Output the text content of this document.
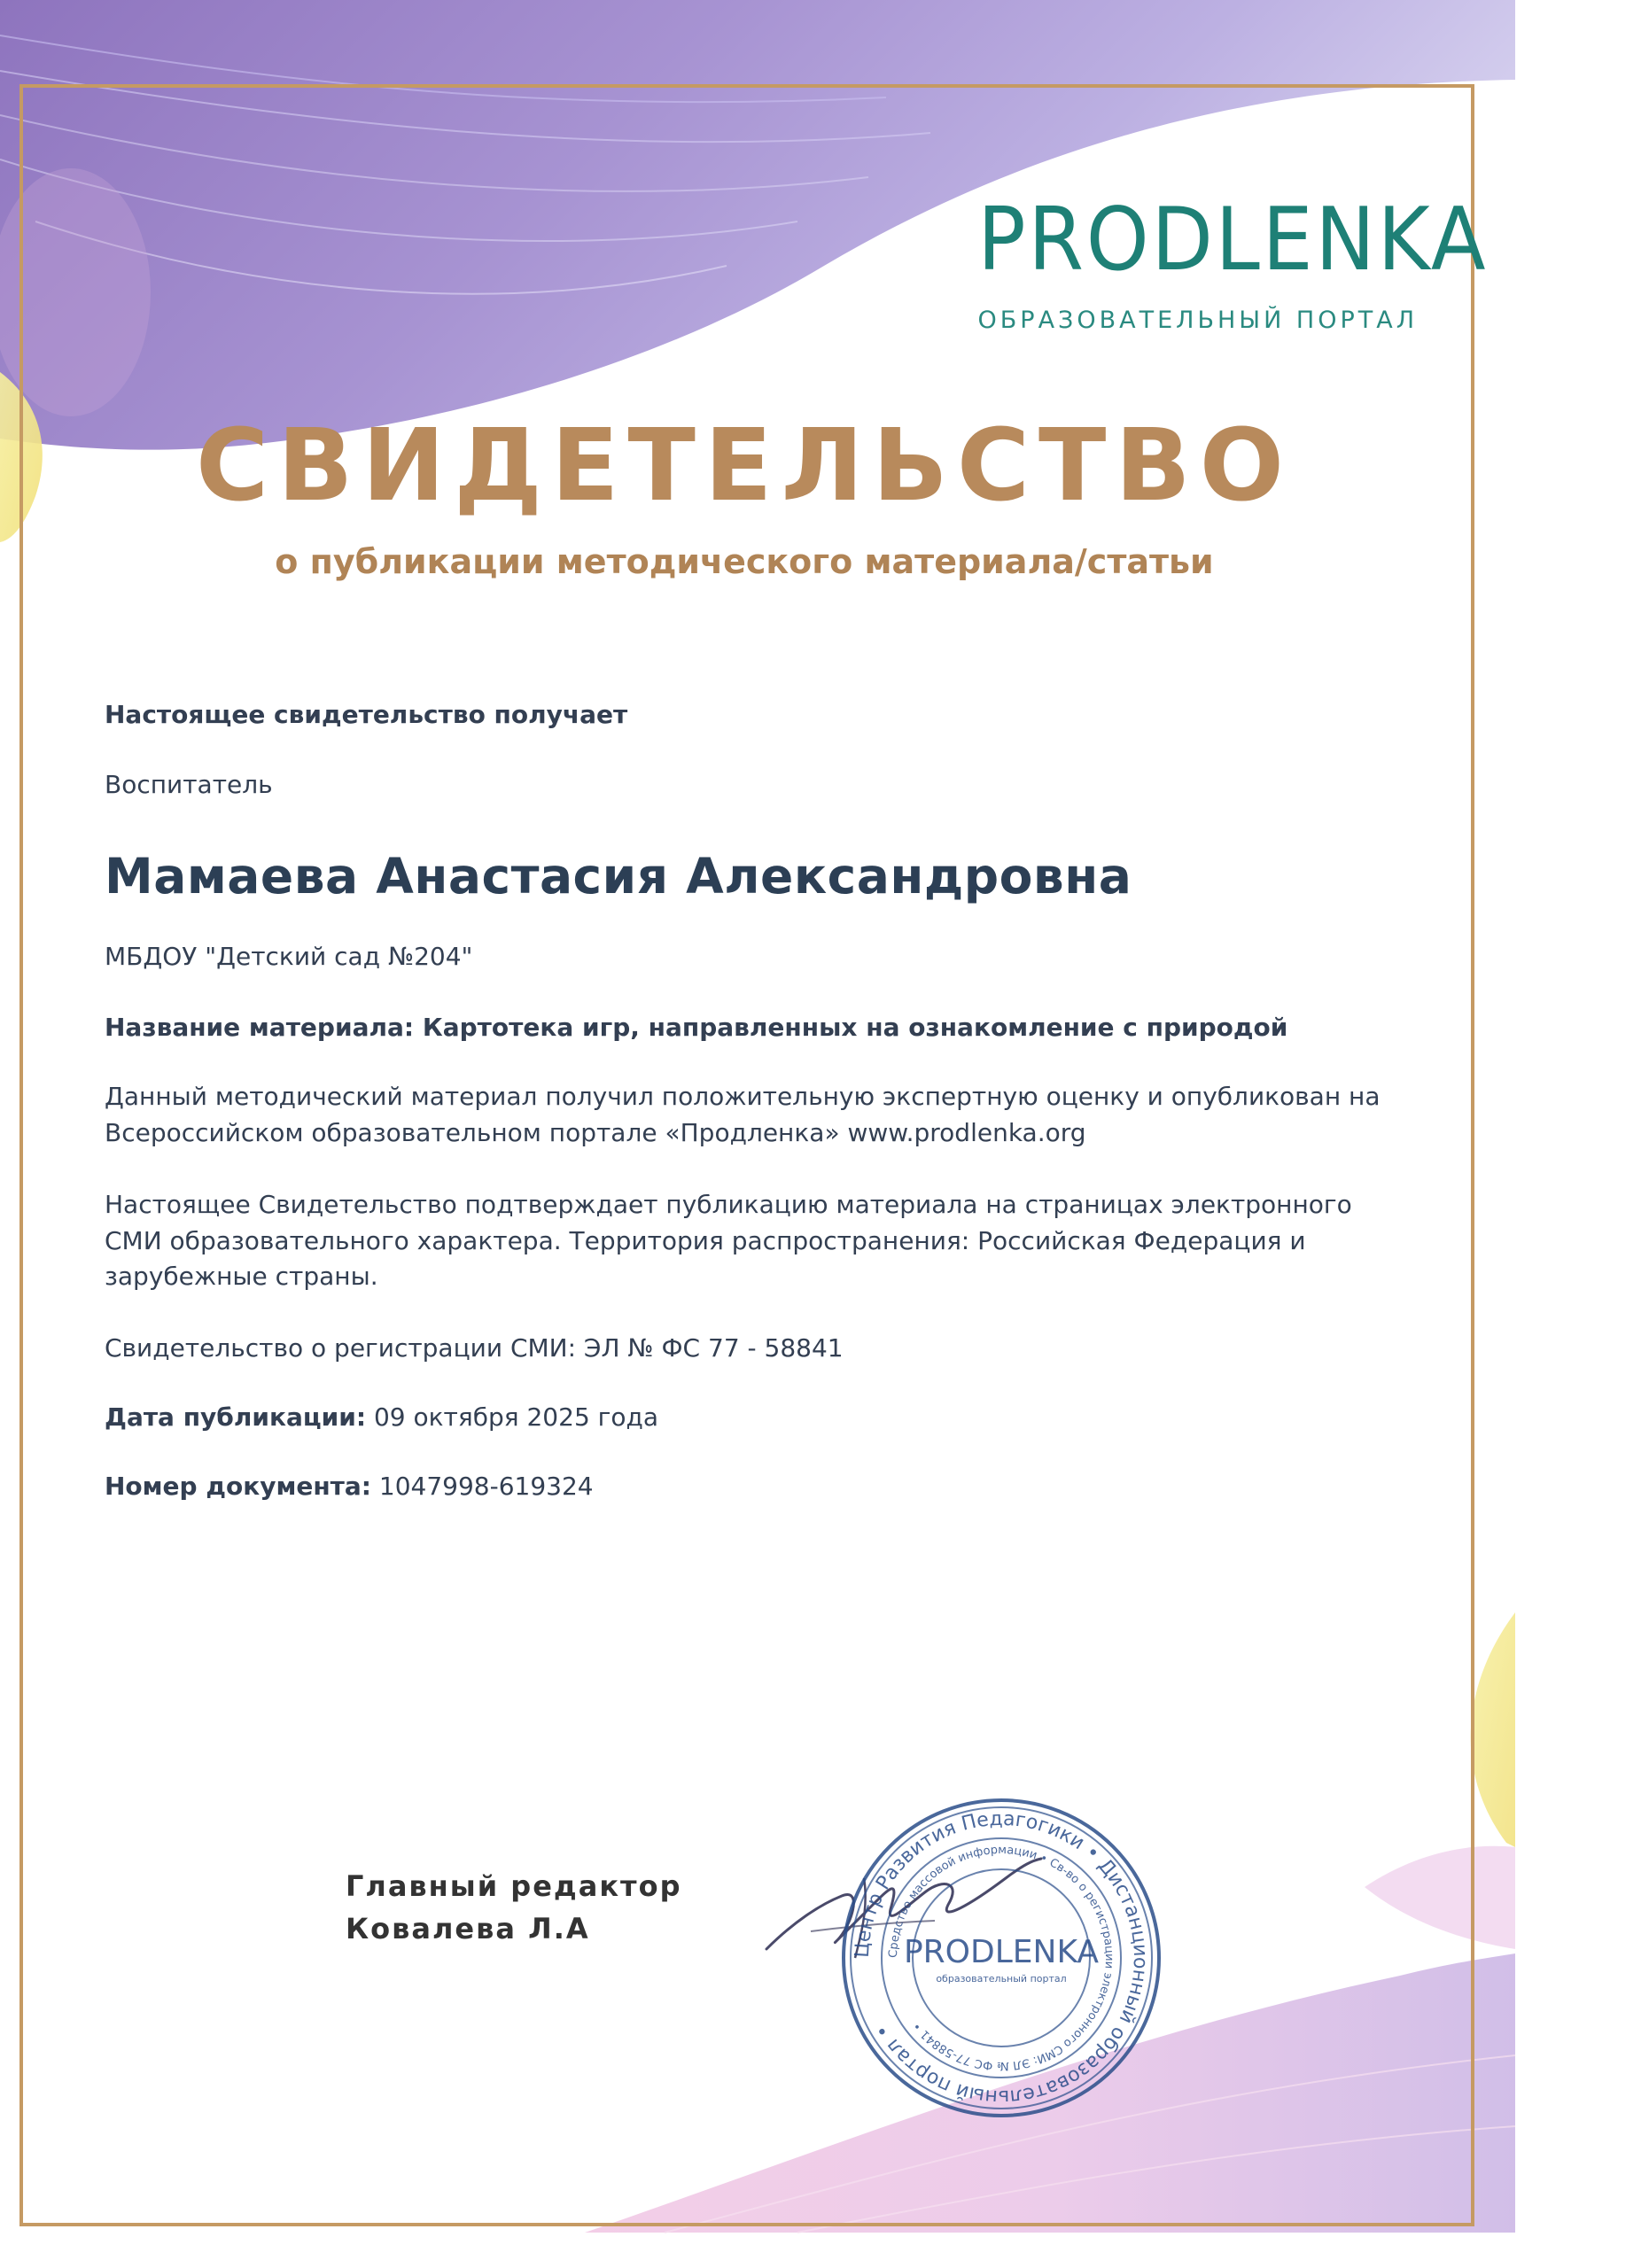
PRODLENKA
ОБРАЗОВАТЕЛЬНЫЙ ПОРТАЛ
СВИДЕТЕЛЬСТВО
о публикации методического материала/статьи
Настоящее свидетельство получает
Воспитатель
Мамаева Анастасия Александровна
МБДОУ "Детский сад №204"
Название материала: Картотека игр, направленных на ознакомление с природой
Данный методический материал получил положительную экспертную оценку и опубликован на Всероссийском образовательном портале «Продленка» www.prodlenka.org
Настоящее Свидетельство подтверждает публикацию материала на страницах электронного СМИ образовательного характера. Территория распространения: Российская Федерация и зарубежные страны.
Свидетельство о регистрации СМИ: ЭЛ № ФС 77 - 58841
Дата публикации: 09 октября 2025 года
Номер документа: 1047998-619324
Главный редактор
Ковалева Л.А
Центр Развития Педагогики • Дистанционный образовательный портал •
Средство массовой информации • Св-во о регистрации электронного СМИ: ЭЛ № ФС 77-58841 •
PRODLENKA
образовательный портал
